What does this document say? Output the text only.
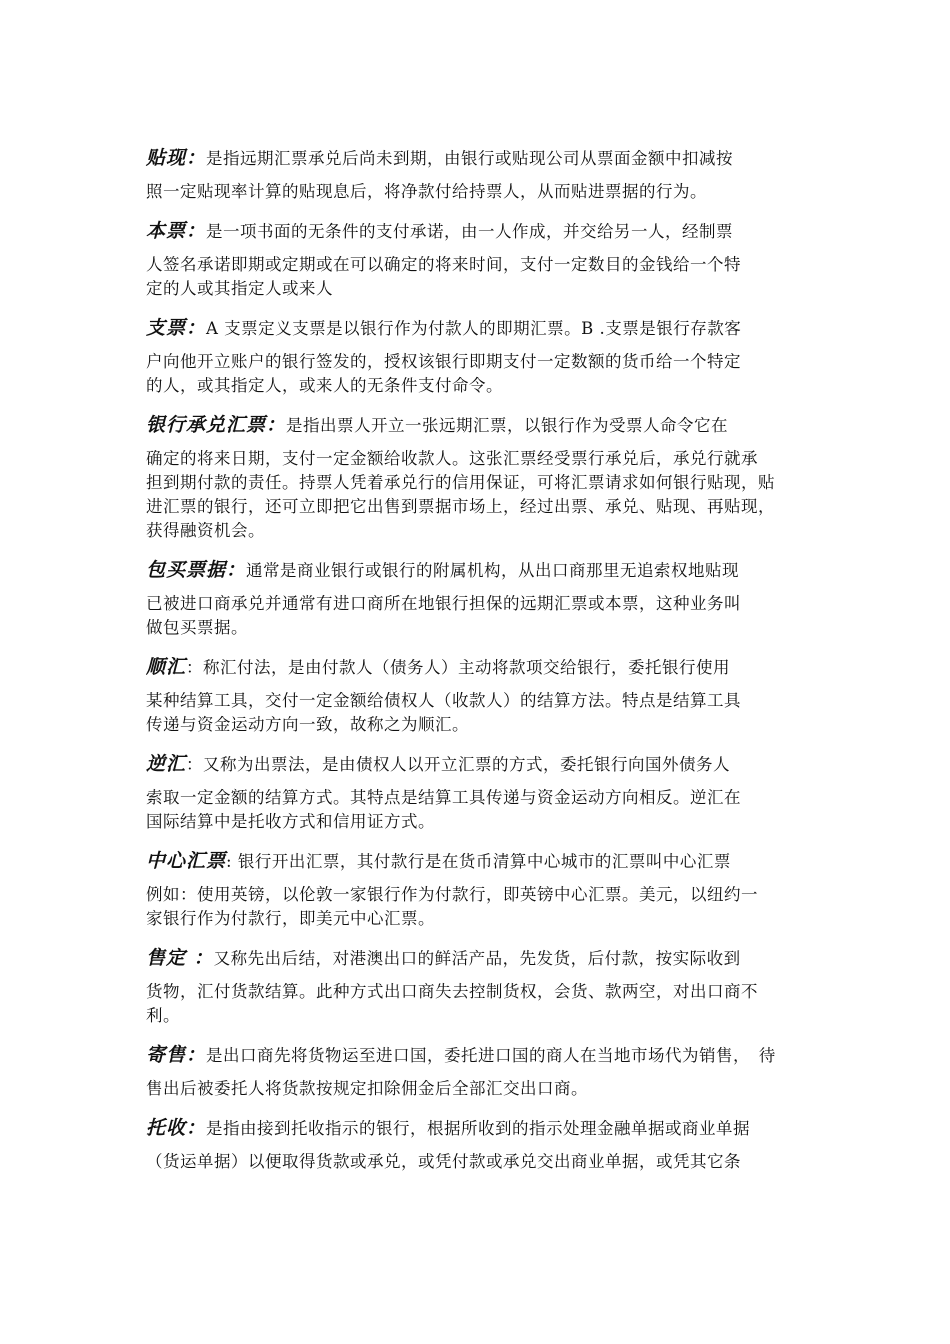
贴现：是指远期汇票承兑后尚未到期，由银行或贴现公司从票面金额中扣减按
照一定贴现率计算的贴现息后，将净款付给持票人，从而贴进票据的行为。

本票：是一项书面的无条件的支付承诺，由一人作成，并交给另一人，经制票
人签名承诺即期或定期或在可以确定的将来时间，支付一定数目的金钱给一个特
定的人或其指定人或来人

支票：A 支票定义支票是以银行作为付款人的即期汇票。B .支票是银行存款客
户向他开立账户的银行签发的，授权该银行即期支付一定数额的货币给一个特定
的人，或其指定人，或来人的无条件支付命令。

银行承兑汇票：是指出票人开立一张远期汇票，以银行作为受票人命令它在
确定的将来日期，支付一定金额给收款人。这张汇票经受票行承兑后，承兑行就承
担到期付款的责任。持票人凭着承兑行的信用保证，可将汇票请求如何银行贴现，贴
进汇票的银行，还可立即把它出售到票据市场上，经过出票、承兑、贴现、再贴现，
获得融资机会。

包买票据：通常是商业银行或银行的附属机构，从出口商那里无追索权地贴现
已被进口商承兑并通常有进口商所在地银行担保的远期汇票或本票，这种业务叫
做包买票据。

顺汇：称汇付法，是由付款人（债务人）主动将款项交给银行，委托银行使用
某种结算工具，交付一定金额给债权人（收款人）的结算方法。特点是结算工具
传递与资金运动方向一致，故称之为顺汇。

逆汇：又称为出票法，是由债权人以开立汇票的方式，委托银行向国外债务人
索取一定金额的结算方式。其特点是结算工具传递与资金运动方向相反。逆汇在
国际结算中是托收方式和信用证方式。

中心汇票: 银行开出汇票，其付款行是在货币清算中心城市的汇票叫中心汇票
例如：使用英镑，以伦敦一家银行作为付款行，即英镑中心汇票。美元，以纽约一
家银行作为付款行，即美元中心汇票。

售定 ：又称先出后结，对港澳出口的鲜活产品，先发货，后付款，按实际收到
货物，汇付货款结算。此种方式出口商失去控制货权，会货、款两空，对出口商不
利。

寄售：是出口商先将货物运至进口国，委托进口国的商人在当地市场代为销售，　待
售出后被委托人将货款按规定扣除佣金后全部汇交出口商。

托收：是指由接到托收指示的银行，根据所收到的指示处理金融单据或商业单据
（货运单据）以便取得货款或承兑，或凭付款或承兑交出商业单据，或凭其它条
